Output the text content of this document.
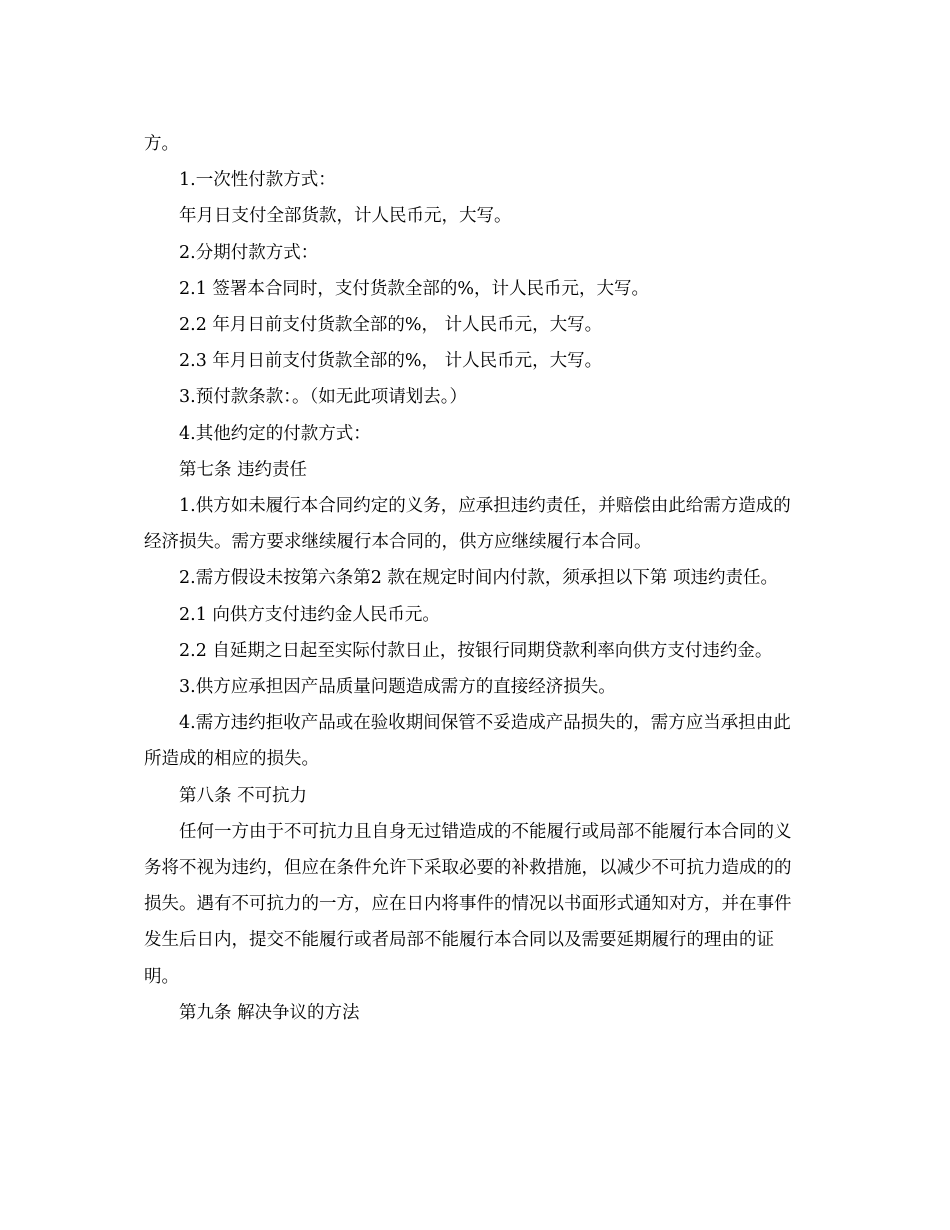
方。

1.一次性付款方式：

年月日支付全部货款，计人民币元，大写。

2.分期付款方式：

2.1 签署本合同时，支付货款全部的%，计人民币元，大写。

2.2 年月日前支付货款全部的%， 计人民币元，大写。

2.3 年月日前支付货款全部的%， 计人民币元，大写。

3.预付款条款：。（如无此项请划去。）

4.其他约定的付款方式：

第七条 违约责任

1.供方如未履行本合同约定的义务，应承担违约责任，并赔偿由此给需方造成的经济损失。需方要求继续履行本合同的，供方应继续履行本合同。

2.需方假设未按第六条第2 款在规定时间内付款，须承担以下第 项违约责任。

2.1 向供方支付违约金人民币元。

2.2 自延期之日起至实际付款日止，按银行同期贷款利率向供方支付违约金。

3.供方应承担因产品质量问题造成需方的直接经济损失。

4.需方违约拒收产品或在验收期间保管不妥造成产品损失的，需方应当承担由此所造成的相应的损失。

第八条 不可抗力

任何一方由于不可抗力且自身无过错造成的不能履行或局部不能履行本合同的义务将不视为违约，但应在条件允许下采取必要的补救措施，以减少不可抗力造成的的损失。遇有不可抗力的一方，应在日内将事件的情况以书面形式通知对方，并在事件发生后日内，提交不能履行或者局部不能履行本合同以及需要延期履行的理由的证明。

第九条 解决争议的方法
